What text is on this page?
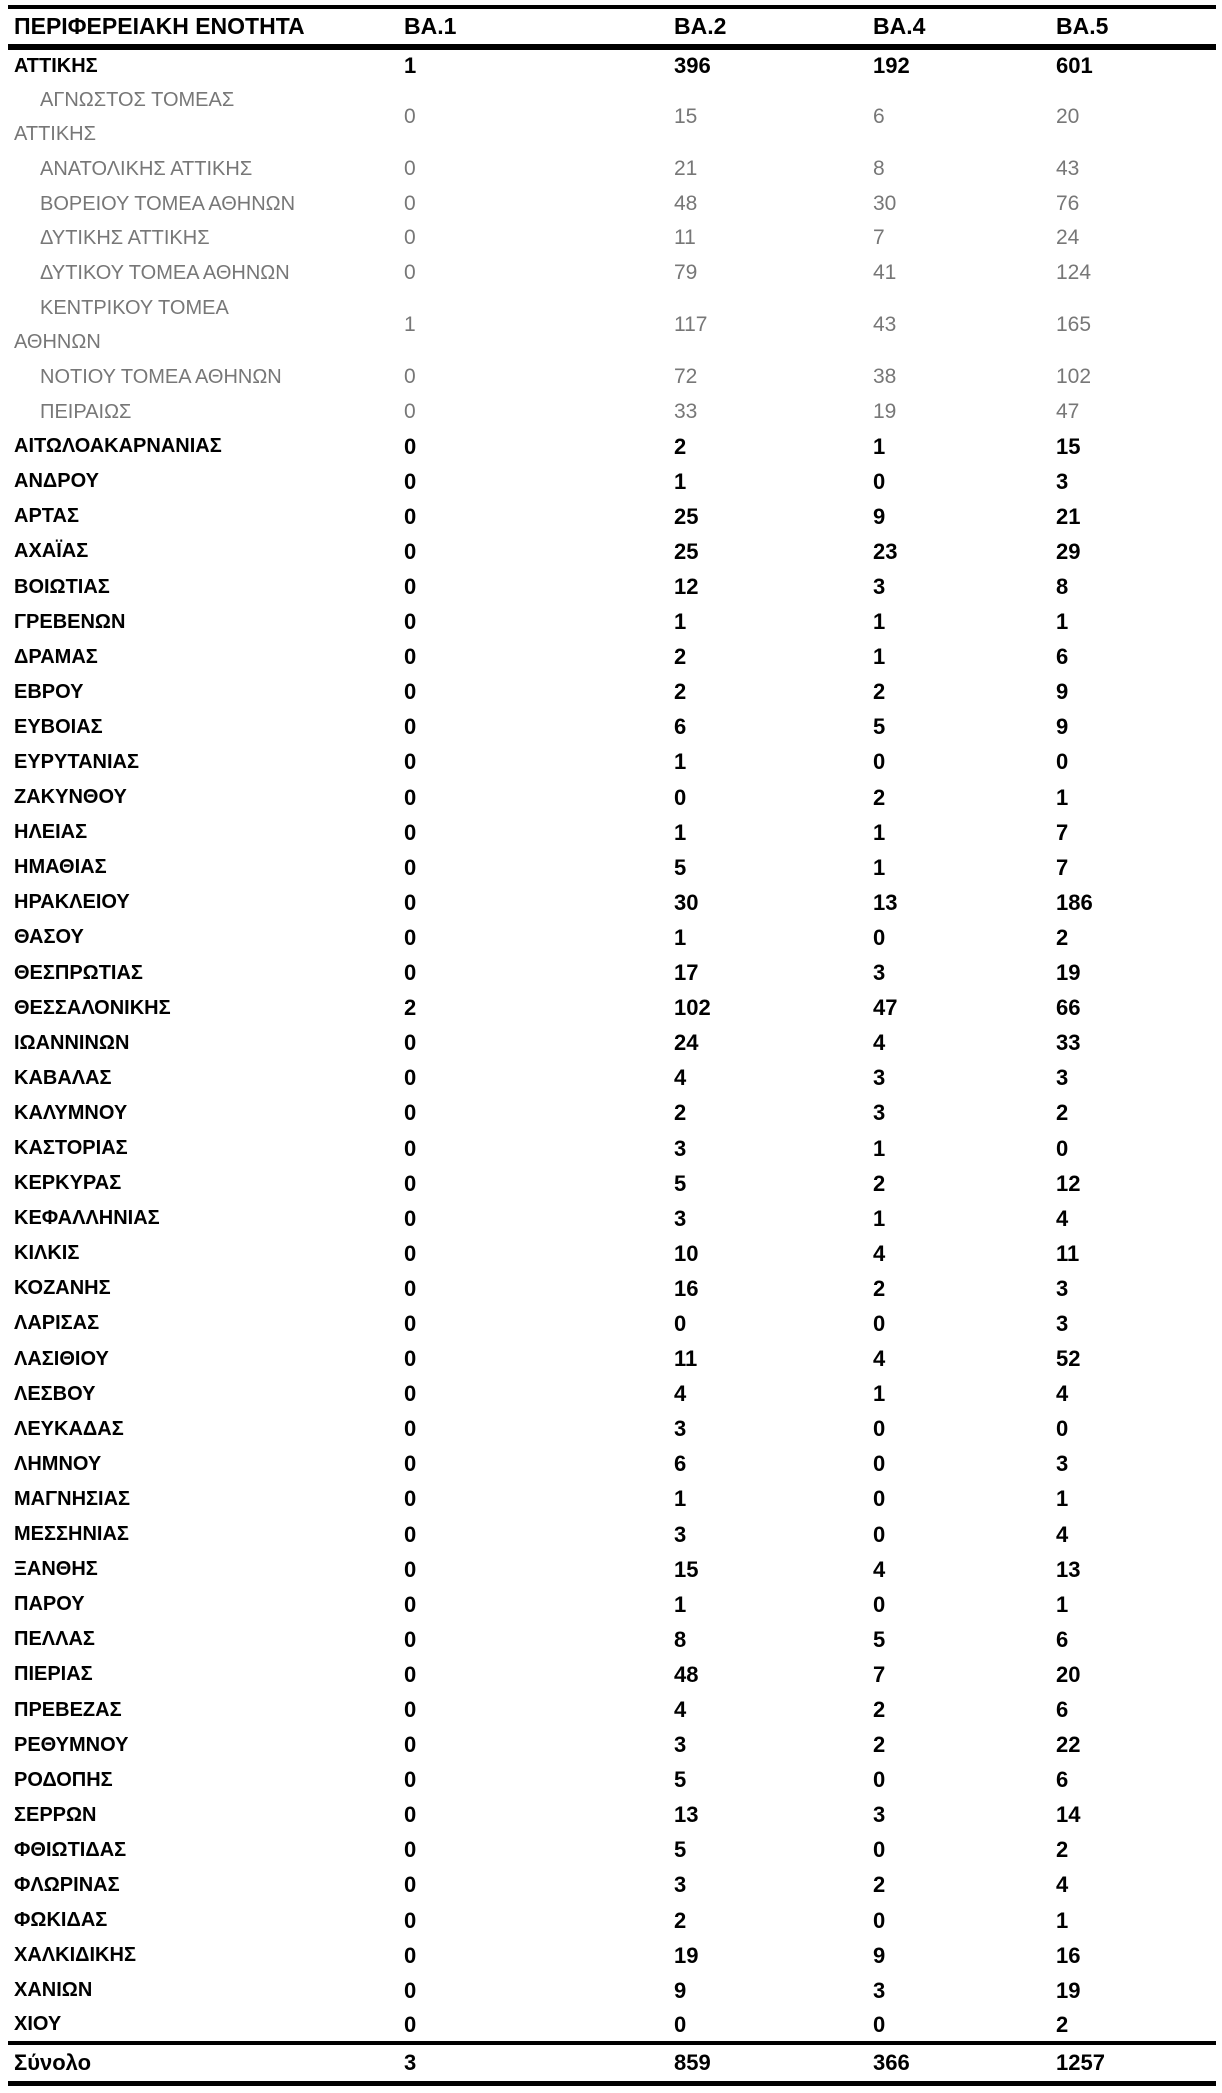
ΠΕΡΙΦΕΡΕΙΑΚΗ ΕΝΟΤΗΤΑ	ΒΑ.1	ΒΑ.2	ΒΑ.4	ΒΑ.5
ΑΤΤΙΚΗΣ	1	396	192	601

ΑΓΝΩΣΤΟΣ ΤΟΜΕΑΣ
ΑΤΤΙΚΗΣ	0	15	6	20
ΑΝΑΤΟΛΙΚΗΣ ΑΤΤΙΚΗΣ	0	21	8	43
ΒΟΡΕΙΟΥ ΤΟΜΕΑ ΑΘΗΝΩΝ	0	48	30	76
ΔΥΤΙΚΗΣ ΑΤΤΙΚΗΣ	0	11	7	24
ΔΥΤΙΚΟΥ ΤΟΜΕΑ ΑΘΗΝΩΝ	0	79	41	124

ΚΕΝΤΡΙΚΟΥ ΤΟΜΕΑ
ΑΘΗΝΩΝ	1	117	43	165
ΝΟΤΙΟΥ ΤΟΜΕΑ ΑΘΗΝΩΝ	0	72	38	102
ΠΕΙΡΑΙΩΣ	0	33	19	47
ΑΙΤΩΛΟΑΚΑΡΝΑΝΙΑΣ	0	2	1	15
ΑΝΔΡΟΥ	0	1	0	3
ΑΡΤΑΣ	0	25	9	21
ΑΧΑΪΑΣ	0	25	23	29
ΒΟΙΩΤΙΑΣ	0	12	3	8
ΓΡΕΒΕΝΩΝ	0	1	1	1
ΔΡΑΜΑΣ	0	2	1	6
ΕΒΡΟΥ	0	2	2	9
ΕΥΒΟΙΑΣ	0	6	5	9
ΕΥΡΥΤΑΝΙΑΣ	0	1	0	0
ΖΑΚΥΝΘΟΥ	0	0	2	1
ΗΛΕΙΑΣ	0	1	1	7
ΗΜΑΘΙΑΣ	0	5	1	7
ΗΡΑΚΛΕΙΟΥ	0	30	13	186
ΘΑΣΟΥ	0	1	0	2
ΘΕΣΠΡΩΤΙΑΣ	0	17	3	19
ΘΕΣΣΑΛΟΝΙΚΗΣ	2	102	47	66
ΙΩΑΝΝΙΝΩΝ	0	24	4	33
ΚΑΒΑΛΑΣ	0	4	3	3
ΚΑΛΥΜΝΟΥ	0	2	3	2
ΚΑΣΤΟΡΙΑΣ	0	3	1	0
ΚΕΡΚΥΡΑΣ	0	5	2	12
ΚΕΦΑΛΛΗΝΙΑΣ	0	3	1	4
ΚΙΛΚΙΣ	0	10	4	11
ΚΟΖΑΝΗΣ	0	16	2	3
ΛΑΡΙΣΑΣ	0	0	0	3
ΛΑΣΙΘΙΟΥ	0	11	4	52
ΛΕΣΒΟΥ	0	4	1	4
ΛΕΥΚΑΔΑΣ	0	3	0	0
ΛΗΜΝΟΥ	0	6	0	3
ΜΑΓΝΗΣΙΑΣ	0	1	0	1
ΜΕΣΣΗΝΙΑΣ	0	3	0	4
ΞΑΝΘΗΣ	0	15	4	13
ΠΑΡΟΥ	0	1	0	1
ΠΕΛΛΑΣ	0	8	5	6
ΠΙΕΡΙΑΣ	0	48	7	20
ΠΡΕΒΕΖΑΣ	0	4	2	6
ΡΕΘΥΜΝΟΥ	0	3	2	22
ΡΟΔΟΠΗΣ	0	5	0	6
ΣΕΡΡΩΝ	0	13	3	14
ΦΘΙΩΤΙΔΑΣ	0	5	0	2
ΦΛΩΡΙΝΑΣ	0	3	2	4
ΦΩΚΙΔΑΣ	0	2	0	1
ΧΑΛΚΙΔΙΚΗΣ	0	19	9	16
ΧΑΝΙΩΝ	0	9	3	19
ΧΙΟΥ	0	0	0	2
Σύνολο	3	859	366	1257
